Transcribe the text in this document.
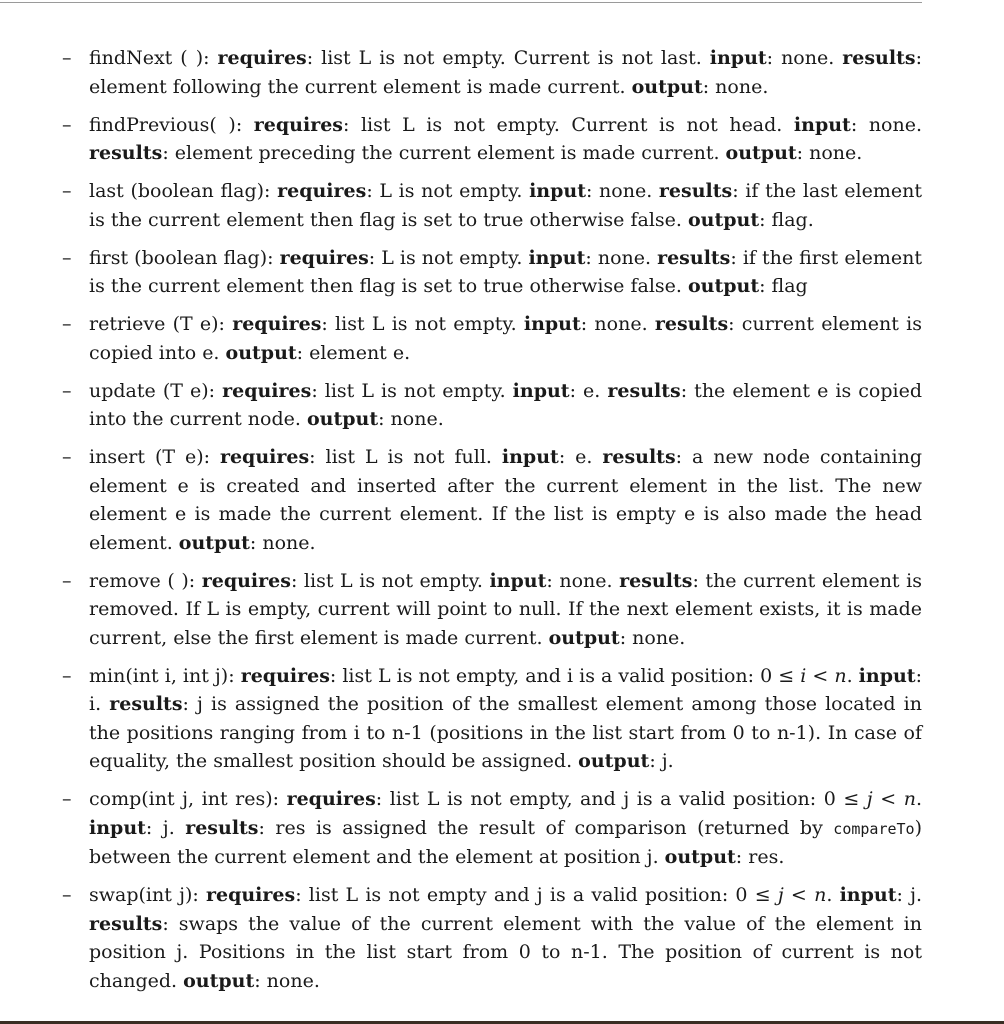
– findNext ( ): requires: list L is not empty. Current is not last. input: none. results: element following the current element is made current. output: none.
– findPrevious( ): requires: list L is not empty. Current is not head. input: none. results: element preceding the current element is made current. output: none.
– last (boolean flag): requires: L is not empty. input: none. results: if the last element is the current element then flag is set to true otherwise false. output: flag.
– first (boolean flag): requires: L is not empty. input: none. results: if the first element is the current element then flag is set to true otherwise false. output: flag
– retrieve (T e): requires: list L is not empty. input: none. results: current element is copied into e. output: element e.
– update (T e): requires: list L is not empty. input: e. results: the element e is copied into the current node. output: none.
– insert (T e): requires: list L is not full. input: e. results: a new node containing element e is created and inserted after the current element in the list. The new element e is made the current element. If the list is empty e is also made the head element. output: none.
– remove ( ): requires: list L is not empty. input: none. results: the current element is removed. If L is empty, current will point to null. If the next element exists, it is made current, else the first element is made current. output: none.
– min(int i, int j): requires: list L is not empty, and i is a valid position: 0 ≤ i < n. input: i. results: j is assigned the position of the smallest element among those located in the positions ranging from i to n-1 (positions in the list start from 0 to n-1). In case of equality, the smallest position should be assigned. output: j.
– comp(int j, int res): requires: list L is not empty, and j is a valid position: 0 ≤ j < n. input: j. results: res is assigned the result of comparison (returned by compareTo) between the current element and the element at position j. output: res.
– swap(int j): requires: list L is not empty and j is a valid position: 0 ≤ j < n. input: j. results: swaps the value of the current element with the value of the element in position j. Positions in the list start from 0 to n-1. The position of current is not changed. output: none.
